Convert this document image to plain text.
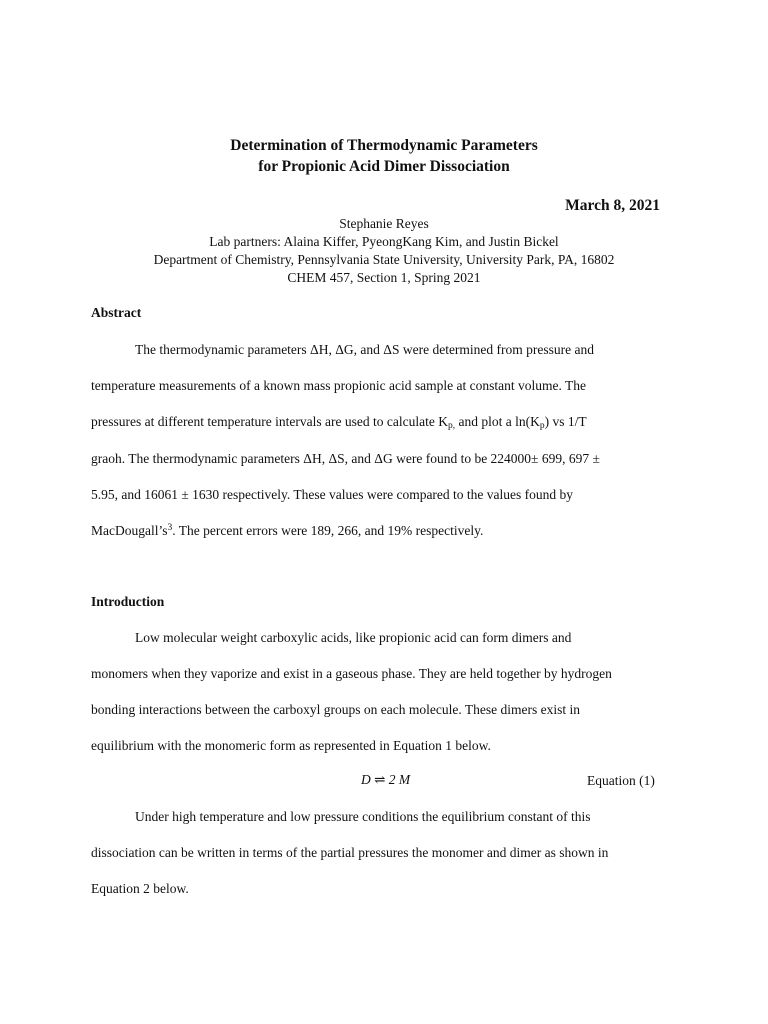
Determination of Thermodynamic Parameters
for Propionic Acid Dimer Dissociation
March 8, 2021
Stephanie Reyes
Lab partners: Alaina Kiffer, PyeongKang Kim, and Justin Bickel
Department of Chemistry, Pennsylvania State University, University Park, PA, 16802
CHEM 457, Section 1, Spring 2021
Abstract
The thermodynamic parameters ΔH, ΔG, and ΔS were determined from pressure and
temperature measurements of a known mass propionic acid sample at constant volume. The
pressures at different temperature intervals are used to calculate $K_{p,}$ and plot a $\ln(K_p)$ vs 1/T
graoh. The thermodynamic parameters ΔH, ΔS, and ΔG were found to be 224000± 699, 697 ±
5.95, and 16061 ± 1630 respectively. These values were compared to the values found by
$MacDougall’s^3$. The percent errors were 189, 266, and 19% respectively.
Introduction
Low molecular weight carboxylic acids, like propionic acid can form dimers and
monomers when they vaporize and exist in a gaseous phase. They are held together by hydrogen
bonding interactions between the carboxyl groups on each molecule. These dimers exist in
equilibrium with the monomeric form as represented in Equation 1 below.
D ⇌ 2 M	Equation (1)
Under high temperature and low pressure conditions the equilibrium constant of this
dissociation can be written in terms of the partial pressures the monomer and dimer as shown in
Equation 2 below.
